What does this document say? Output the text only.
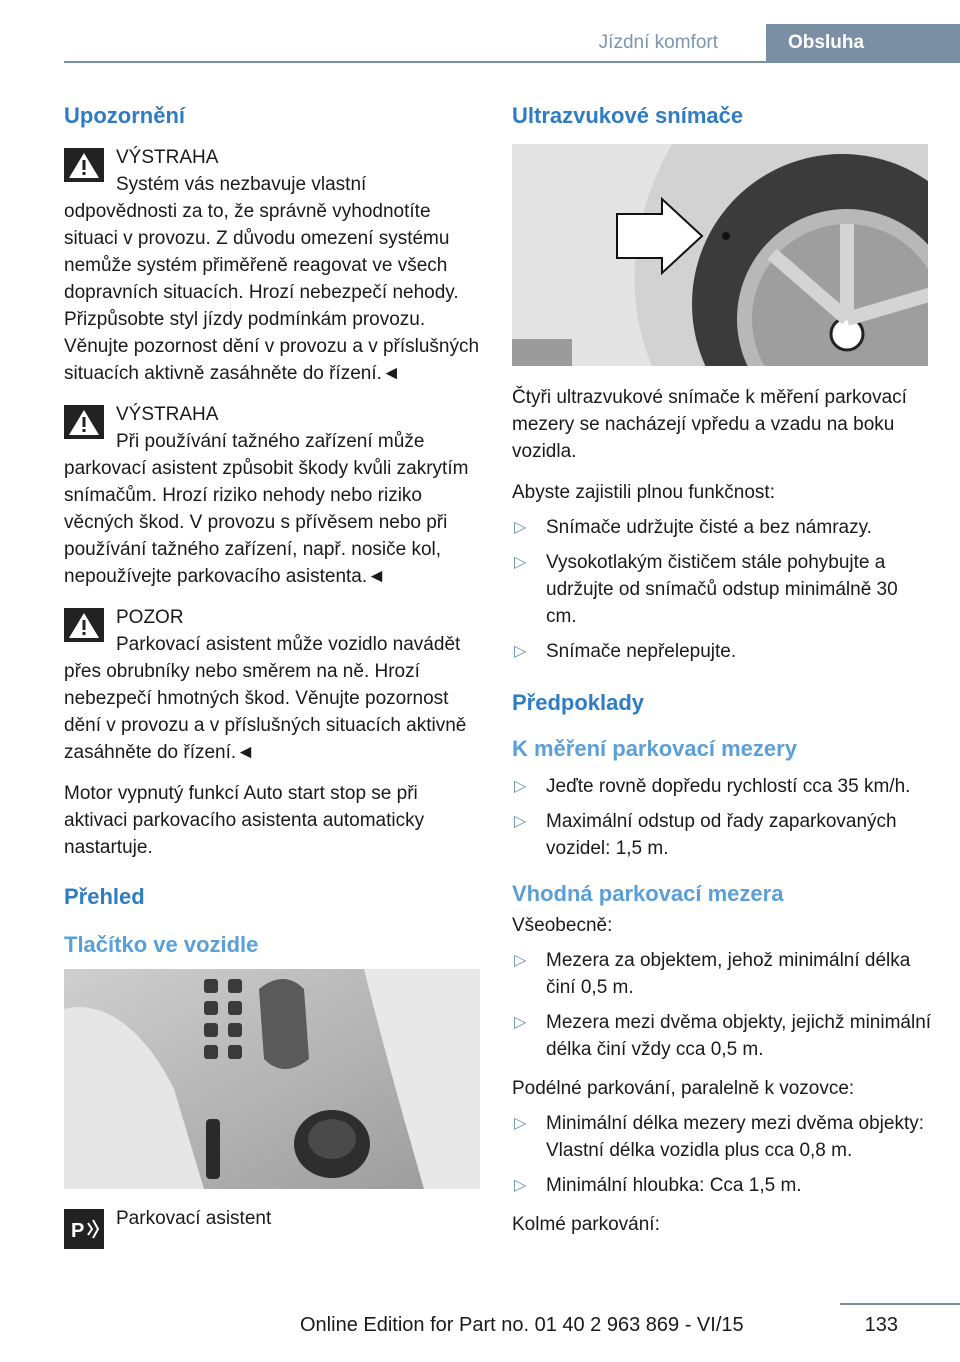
Jízdní komfort	Obsluha
Upozornění

VÝSTRAHA

Systém vás nezbavuje vlastní odpovědnosti za to, že správně vyhodnotíte situaci v provozu. Z důvodu omezení systému nemůže systém přiměřeně reagovat ve všech dopravních situacích. Hrozí nebezpečí nehody. Přizpůsobte styl jízdy podmínkám provozu. Věnujte pozornost dění v provozu a v příslušných situacích aktivně zasáhněte do řízení.◄

VÝSTRAHA

Při používání tažného zařízení může parkovací asistent způsobit škody kvůli zakrytím snímačům. Hrozí riziko nehody nebo riziko věcných škod. V provozu s přívěsem nebo při používání tažného zařízení, např. nosiče kol, nepoužívejte parkovacího asistenta.◄

POZOR

Parkovací asistent může vozidlo navádět přes obrubníky nebo směrem na ně. Hrozí nebezpečí hmotných škod. Věnujte pozornost dění v provozu a v příslušných situacích aktivně zasáhněte do řízení.◄

Motor vypnutý funkcí Auto start stop se při aktivaci parkovacího asistenta automaticky nastartuje.

Přehled
Tlačítko ve vozidle
P

Parkovací asistent

Ultrazvukové snímače

Čtyři ultrazvukové snímače k měření parkovací mezery se nacházejí vpředu a vzadu na boku vozidla.

Abyste zajistili plnou funkčnost:

▷ Snímače udržujte čisté a bez námrazy.
▷ Vysokotlakým čističem stále pohybujte a udržujte od snímačů odstup minimálně 30 cm.
▷ Snímače nepřelepujte.
Předpoklady
K měření parkovací mezery
▷ Jeďte rovně dopředu rychlostí cca 35 km/h.
▷ Maximální odstup od řady zaparkovaných vozidel: 1,5 m.
Vhodná parkovací mezera

Všeobecně:

▷ Mezera za objektem, jehož minimální délka činí 0,5 m.
▷ Mezera mezi dvěma objekty, jejichž minimální délka činí vždy cca 0,5 m.

Podélné parkování, paralelně k vozovce:

▷ Minimální délka mezery mezi dvěma objekty: Vlastní délka vozidla plus cca 0,8 m.
▷ Minimální hloubka: Cca 1,5 m.

Kolmé parkování:

133
Online Edition for Part no. 01 40 2 963 869 - VI/15
